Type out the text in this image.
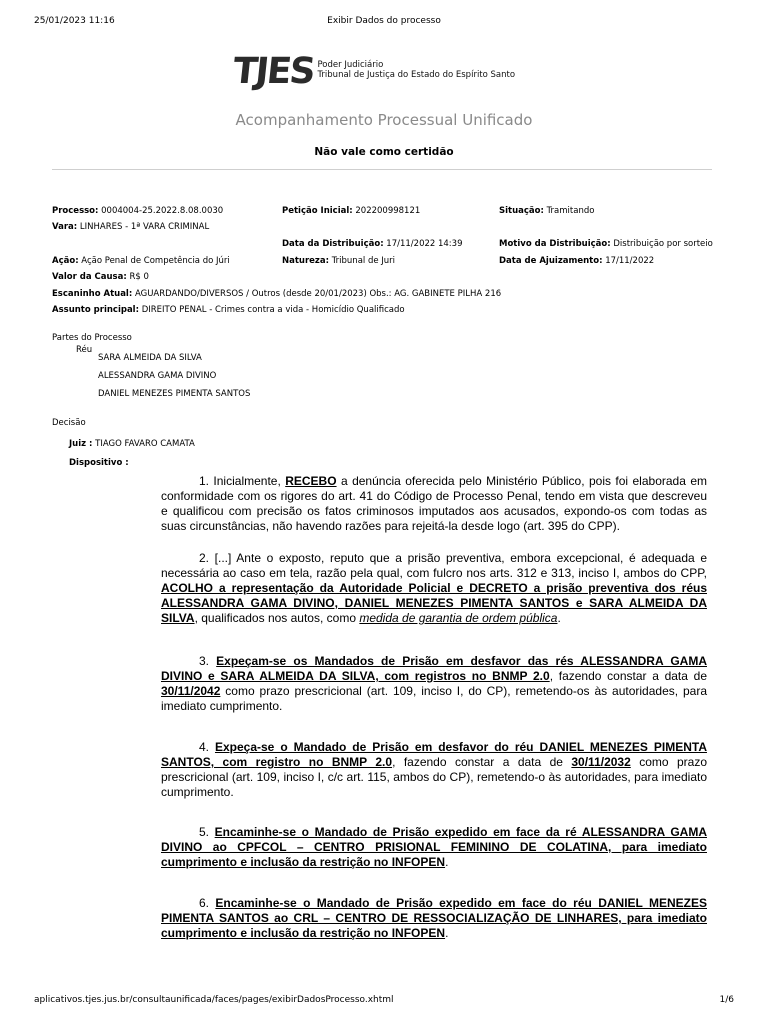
25/01/2023 11:16	Exibir Dados do processo
TJES Poder Judiciário
Tribunal de Justiça do Estado do Espírito Santo
Acompanhamento Processual Unificado
Não vale como certidão
Processo: 0004004-25.2022.8.08.0030	Petição Inicial: 202200998121	Situação: Tramitando
Vara: LINHARES - 1ª VARA CRIMINAL
Data da Distribuição: 17/11/2022 14:39	Motivo da Distribuição: Distribuição por sorteio
Ação: Ação Penal de Competência do Júri	Natureza: Tribunal de Juri	Data de Ajuizamento: 17/11/2022
Valor da Causa: R$ 0
Escaninho Atual: AGUARDANDO/DIVERSOS / Outros (desde 20/01/2023) Obs.: AG. GABINETE PILHA 216
Assunto principal: DIREITO PENAL - Crimes contra a vida - Homicídio Qualificado
Partes do Processo
Réu
SARA ALMEIDA DA SILVA
ALESSANDRA GAMA DIVINO
DANIEL MENEZES PIMENTA SANTOS
Decisão
Juiz : TIAGO FAVARO CAMATA
Dispositivo :
1. Inicialmente, RECEBO a denúncia oferecida pelo Ministério Público, pois foi elaborada em conformidade com os rigores do art. 41 do Código de Processo Penal, tendo em vista que descreveu e qualificou com precisão os fatos criminosos imputados aos acusados, expondo-os com todas as suas circunstâncias, não havendo razões para rejeitá-la desde logo (art. 395 do CPP).
2. [...] Ante o exposto, reputo que a prisão preventiva, embora excepcional, é adequada e necessária ao caso em tela, razão pela qual, com fulcro nos arts. 312 e 313, inciso I, ambos do CPP, ACOLHO a representação da Autoridade Policial e DECRETO a prisão preventiva dos réus ALESSANDRA GAMA DIVINO, DANIEL MENEZES PIMENTA SANTOS e SARA ALMEIDA DA SILVA, qualificados nos autos, como medida de garantia de ordem pública.
3. Expeçam-se os Mandados de Prisão em desfavor das rés ALESSANDRA GAMA DIVINO e SARA ALMEIDA DA SILVA, com registros no BNMP 2.0, fazendo constar a data de 30/11/2042 como prazo prescricional (art. 109, inciso I, do CP), remetendo-os às autoridades, para imediato cumprimento.
4. Expeça-se o Mandado de Prisão em desfavor do réu DANIEL MENEZES PIMENTA SANTOS, com registro no BNMP 2.0, fazendo constar a data de 30/11/2032 como prazo prescricional (art. 109, inciso I, c/c art. 115, ambos do CP), remetendo-o às autoridades, para imediato cumprimento.
5. Encaminhe-se o Mandado de Prisão expedido em face da ré ALESSANDRA GAMA DIVINO ao CPFCOL – CENTRO PRISIONAL FEMININO DE COLATINA, para imediato cumprimento e inclusão da restrição no INFOPEN.
6. Encaminhe-se o Mandado de Prisão expedido em face do réu DANIEL MENEZES PIMENTA SANTOS ao CRL – CENTRO DE RESSOCIALIZAÇÃO DE LINHARES, para imediato cumprimento e inclusão da restrição no INFOPEN.
aplicativos.tjes.jus.br/consultaunificada/faces/pages/exibirDadosProcesso.xhtml	1/6
